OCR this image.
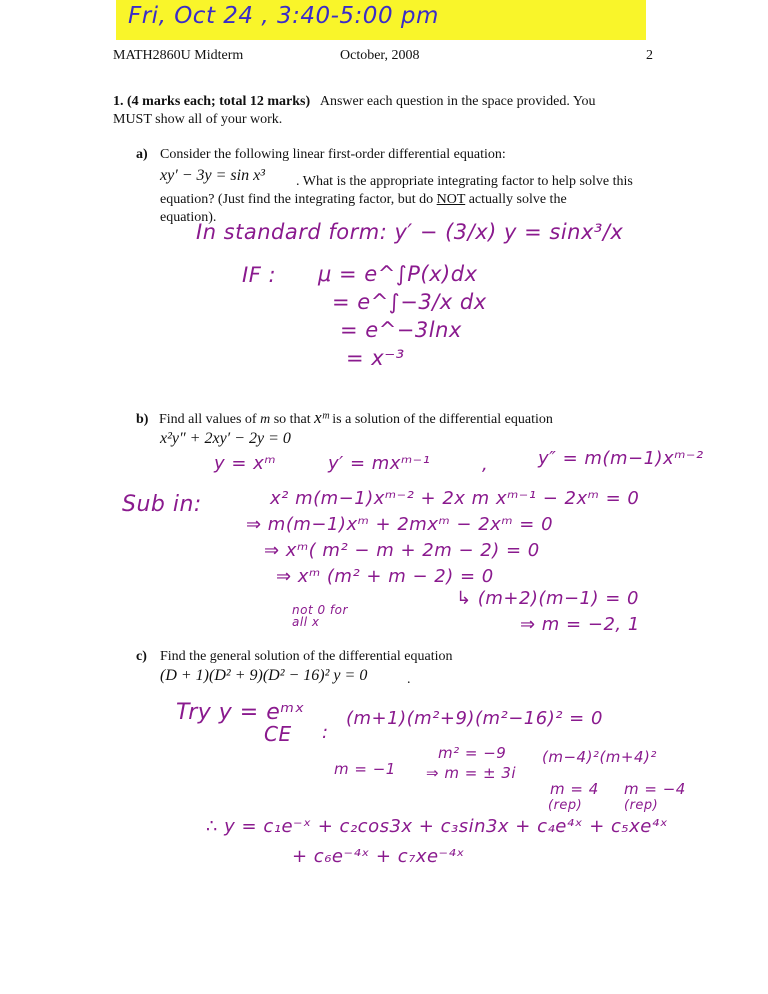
Fri, Oct 24 , 3:40-5:00 pm
MATH2860U Midterm	October, 2008	2
1. (4 marks each; total 12 marks) Answer each question in the space provided. You
MUST show all of your work.
a) Consider the following linear first-order differential equation:
xy′ − 3y = sin x³ . What is the appropriate integrating factor to help solve this
equation? (Just find the integrating factor, but do NOT actually solve the
equation).
In standard form: y′ − (3/x) y = sinx³/x
IF : μ = e^∫P(x)dx
= e^∫−3/x dx
= e^−3lnx
= x⁻³
b) Find all values of m so that xᵐ is a solution of the differential equation
x²y″ + 2xy′ − 2y = 0
y = xᵐ	y′ = mxᵐ⁻¹	,	y″ = m(m−1)xᵐ⁻²
Sub in:	x² m(m−1)xᵐ⁻² + 2x m xᵐ⁻¹ − 2xᵐ = 0
⇒ m(m−1)xᵐ + 2mxᵐ − 2xᵐ = 0
⇒ xᵐ( m² − m + 2m − 2) = 0
⇒ xᵐ (m² + m − 2) = 0
not 0 for all x
↳ (m+2)(m−1) = 0
⇒ m = −2, 1
c) Find the general solution of the differential equation
(D + 1)(D² + 9)(D² − 16)² y = 0	.
Try y = eᵐˣ
CE :
(m+1)(m²+9)(m²−16)² = 0
m = −1
m² = −9
⇒ m = ± 3i
(m−4)²(m+4)²
m = 4
(rep)
m = −4
(rep)
∴ y = c₁e⁻ˣ + c₂cos3x + c₃sin3x + c₄e⁴ˣ + c₅xe⁴ˣ
+ c₆e⁻⁴ˣ + c₇xe⁻⁴ˣ
